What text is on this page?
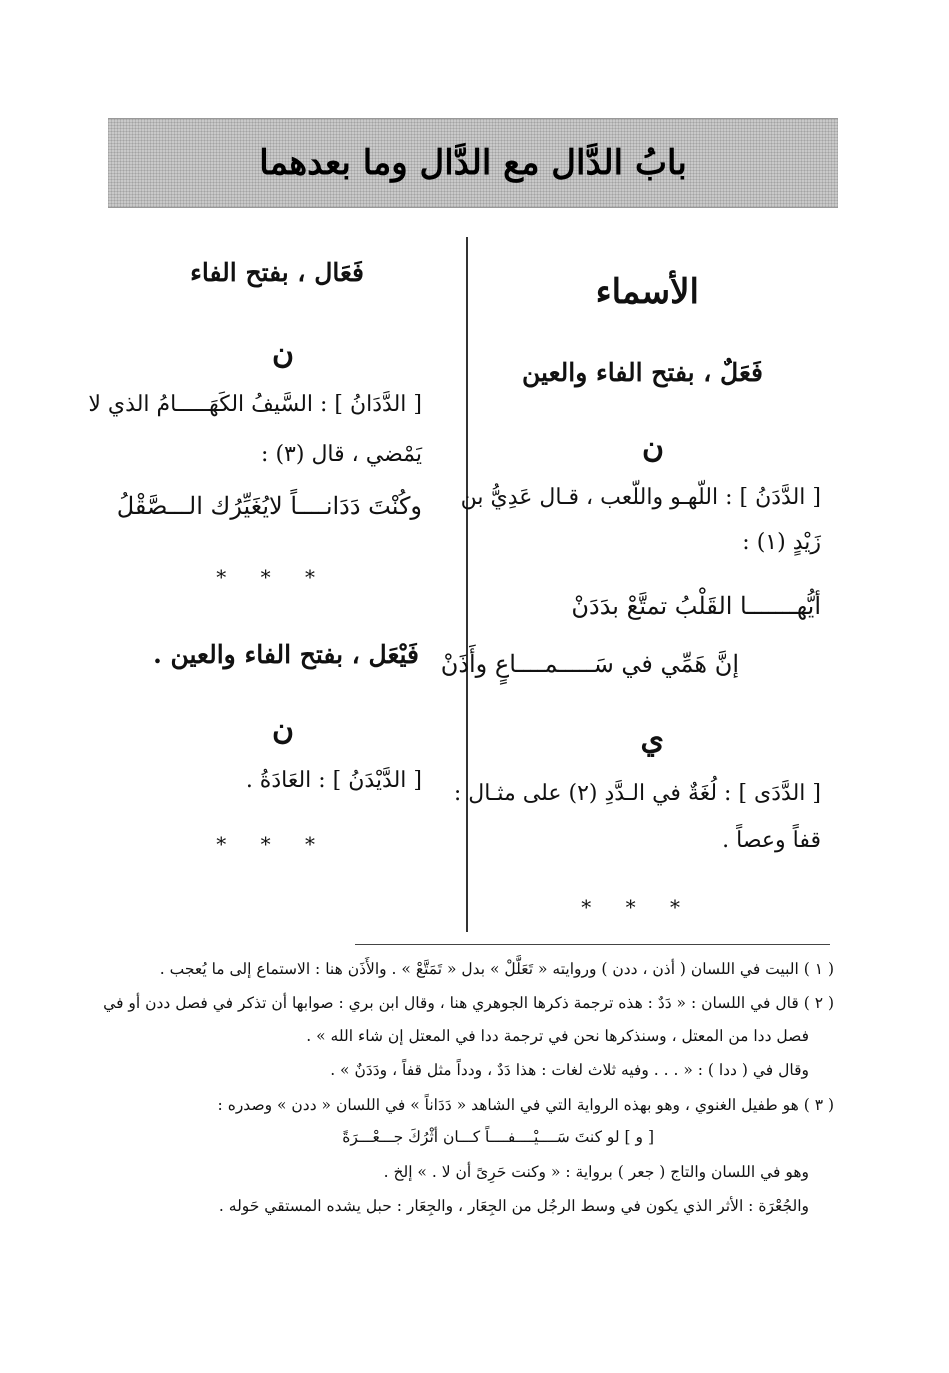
بابُ الدَّال مع الدَّال وما بعدهما
الأسماء
فَعَلٌ ، بفتح الفاء والعين
ن
[ الدَّدَنُ ] : اللّهـو واللّعب ، قـال عَدِيُّ بن
زَيْدٍ (١) :
أيُّهـــــــا القَلْبُ تمتَّعْ بدَدَنْ
إنَّ هَمِّي في سَـــــمــــاعٍ وأَذَنْ
ي
[ الدَّدَى ] : لُغَةٌ في الـدَّدِ (٢) على مثـال :
قفاً وعصاً .
* * *
فَعَال ، بفتح الفاء
ن
[ الدَّدَانُ ] : السَّيفُ الكَهَـــــامُ الذي لا
يَمْضي ، قال (٣) :
وكُنْتَ دَدَانــــاً لايُغَيِّرُك الـــصَّقْلُ
* * *
فَيْعَل ، بفتح الفاء والعين .
ن
[ الدَّيْدَنُ ] : العَادَةُ .
* * *
( ١ ) البيت في اللسان ( أذن ، ددن ) وروايته « تَعَلَّلْ » بدل « تَمَتَّعْ » . والأَذَن هنا : الاستماع إلى ما يُعجب .
( ٢ ) قال في اللسان : « دَدٌ : هذه ترجمة ذكرها الجوهري هنا ، وقال ابن بري : صوابها أن تذكر في فصل ددن أو في
فصل ددا من المعتل ، وسنذكرها نحن في ترجمة ددا في المعتل إن شاء الله » .
وقال في ( ددا ) : « . . . وفيه ثلاث لغات : هذا دَدٌ ، ودداً مثل قفاً ، ودَدَنٌ » .
( ٣ ) هو طفيل الغنوي ، وهو بهذه الرواية التي في الشاهد « دَدَاناً » في اللسان « ددن » وصدره :
[ و ] لو كنتَ سَــــيْــــفــــاً كـــان أثْرُكَ جـــعْـــرَةً
وهو في اللسان والتاج ( جعر ) برواية : « وكنت حَرِىً أن لا . » إلخ .
والجُعْرَة : الأثر الذي يكون في وسط الرجُل من الجِعَار ، والجِعَار : حبل يشده المستقي حَوله .
